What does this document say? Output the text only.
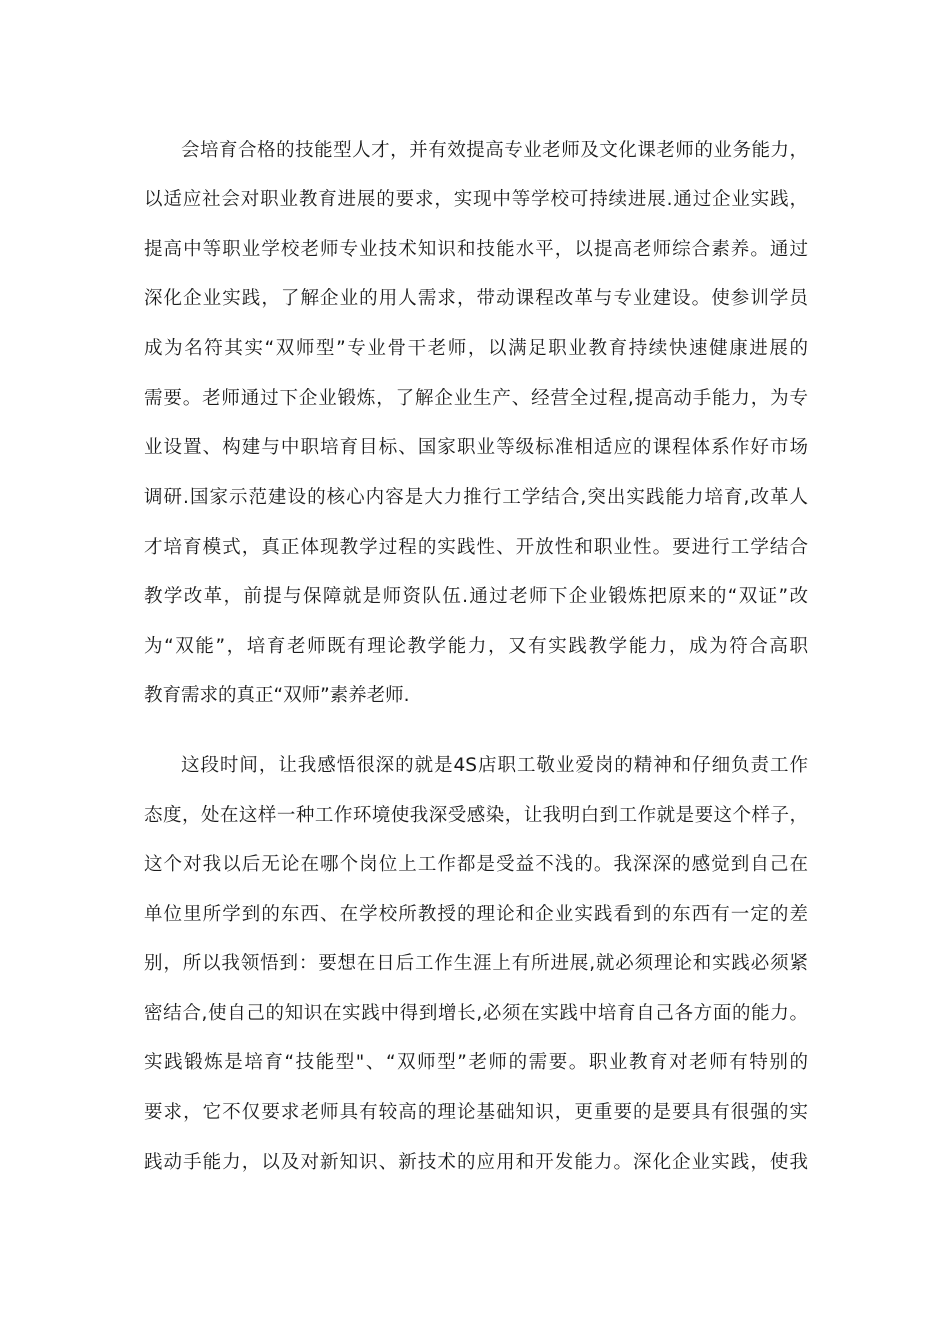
会培育合格的技能型人才，并有效提高专业老师及文化课老师的业务能力，
以适应社会对职业教育进展的要求，实现中等学校可持续进展.通过企业实践，
提高中等职业学校老师专业技术知识和技能水平，以提高老师综合素养。通过
深化企业实践，了解企业的用人需求，带动课程改革与专业建设。使参训学员
成为名符其实“双师型”专业骨干老师，以满足职业教育持续快速健康进展的
需要。老师通过下企业锻炼，了解企业生产、经营全过程,提高动手能力，为专
业设置、构建与中职培育目标、国家职业等级标准相适应的课程体系作好市场
调研.国家示范建设的核心内容是大力推行工学结合,突出实践能力培育,改革人
才培育模式，真正体现教学过程的实践性、开放性和职业性。要进行工学结合
教学改革，前提与保障就是师资队伍.通过老师下企业锻炼把原来的“双证”改
为“双能”，培育老师既有理论教学能力，又有实践教学能力，成为符合高职
教育需求的真正“双师”素养老师.
这段时间，让我感悟很深的就是4S店职工敬业爱岗的精神和仔细负责工作
态度，处在这样一种工作环境使我深受感染，让我明白到工作就是要这个样子，
这个对我以后无论在哪个岗位上工作都是受益不浅的。我深深的感觉到自己在
单位里所学到的东西、在学校所教授的理论和企业实践看到的东西有一定的差
别，所以我领悟到：要想在日后工作生涯上有所进展,就必须理论和实践必须紧
密结合,使自己的知识在实践中得到增长,必须在实践中培育自己各方面的能力。
实践锻炼是培育“技能型"、“双师型”老师的需要。职业教育对老师有特别的
要求，它不仅要求老师具有较高的理论基础知识，更重要的是要具有很强的实
践动手能力，以及对新知识、新技术的应用和开发能力。深化企业实践，使我
